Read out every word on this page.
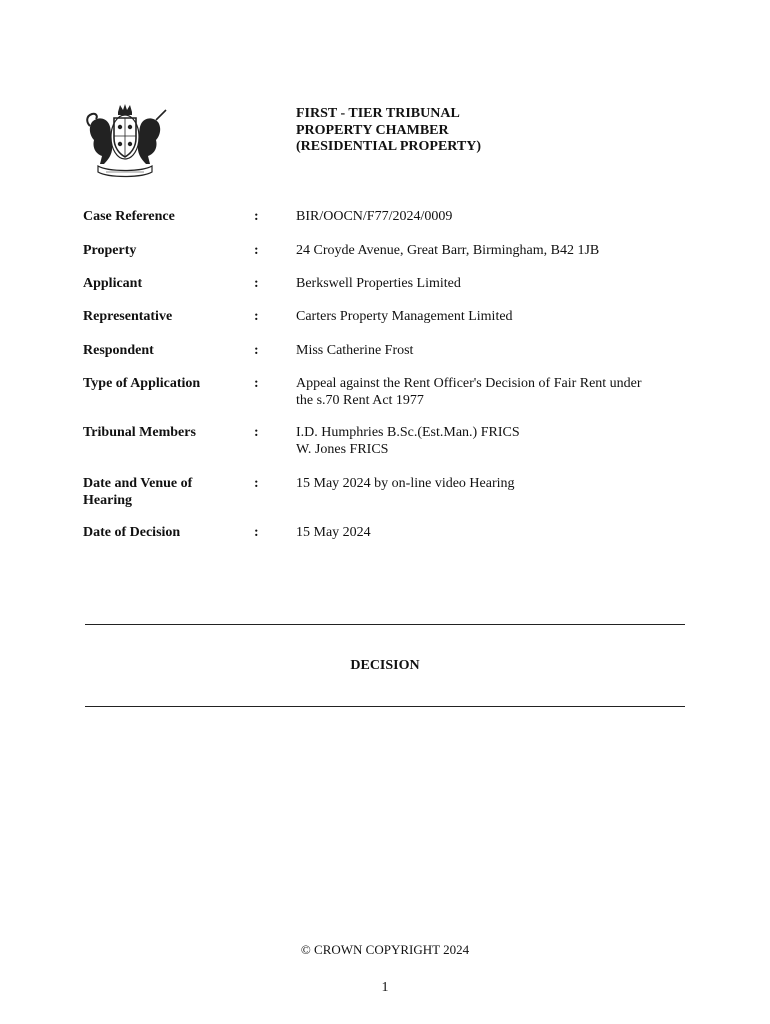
FIRST - TIER TRIBUNAL
PROPERTY CHAMBER
(RESIDENTIAL PROPERTY)
Case Reference	:	BIR/OOCN/F77/2024/0009
Property	:	24 Croyde Avenue, Great Barr, Birmingham, B42 1JB
Applicant	:	Berkswell Properties Limited
Representative	:	Carters Property Management Limited
Respondent	:	Miss Catherine Frost
Type of Application	:	Appeal against the Rent Officer's Decision of Fair Rent under
the s.70 Rent Act 1977
Tribunal Members	:	I.D. Humphries B.Sc.(Est.Man.) FRICS
W. Jones FRICS
Date and Venue of
Hearing
:	15 May 2024 by on-line video Hearing
Date of Decision	:	15 May 2024
DECISION
© CROWN COPYRIGHT 2024
1
